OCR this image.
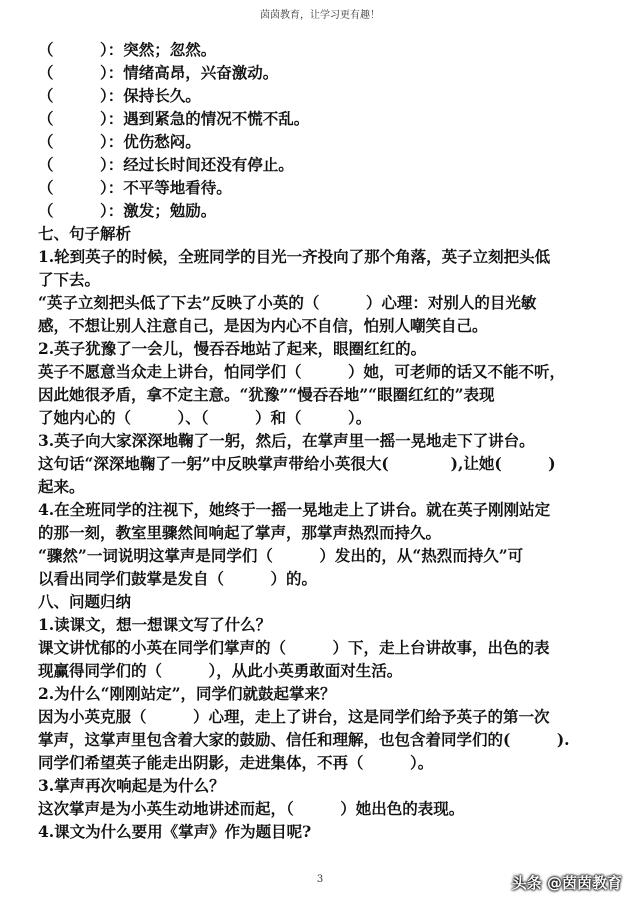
茵茵教育，让学习更有趣！
（　　　）：突然；忽然。
（　　　）：情绪高昂，兴奋激动。
（　　　）：保持长久。
（　　　）：遇到紧急的情况不慌不乱。
（　　　）：优伤愁闷。
（　　　）：经过长时间还没有停止。
（　　　）：不平等地看待。
（　　　）：激发；勉励。
七、句子解析
1.轮到英子的时候，全班同学的目光一齐投向了那个角落，英子立刻把头低
了下去。
“英子立刻把头低了下去”反映了小英的（　　　）心理：对别人的目光敏
感，不想让别人注意自己，是因为内心不自信，怕别人嘲笑自己。
2.英子犹豫了一会儿，慢吞吞地站了起来，眼圈红红的。
英子不愿意当众走上讲台，怕同学们（　　　）她，可老师的话又不能不听，
因此她很矛盾，拿不定主意。“犹豫”“慢吞吞地”“眼圈红红的”表现
了她内心的（　　　）、（　　　）和（　　　）。
3.英子向大家深深地鞠了一躬，然后，在掌声里一摇一晃地走下了讲台。
这句话“深深地鞠了一躬”中反映掌声带给小英很大(　　　　),让她(　　　)
起来。
4.在全班同学的注视下，她终于一摇一晃地走上了讲台。就在英子刚刚站定
的那一刻，教室里骤然间响起了掌声，那掌声热烈而持久。
“骤然”一词说明这掌声是同学们（　　　）发出的，从“热烈而持久”可
以看出同学们鼓掌是发自（　　　）的。
八、问题归纳
1.读课文，想一想课文写了什么？
课文讲忧郁的小英在同学们掌声的（　　　）下，走上台讲故事，出色的表
现赢得同学们的（　　　），从此小英勇敢面对生活。
2.为什么“刚刚站定”，同学们就鼓起掌来？
因为小英克服（　　　）心理，走上了讲台，这是同学们给予英子的第一次
掌声，这掌声里包含着大家的鼓励、信任和理解，也包含着同学们的(　　　).
同学们希望英子能走出阴影，走进集体，不再（　　　）。
3.掌声再次响起是为什么？
这次掌声是为小英生动地讲述而起，（　　　）她出色的表现。
4.课文为什么要用《掌声》作为题目呢?
3	头条 @茵茵教育
